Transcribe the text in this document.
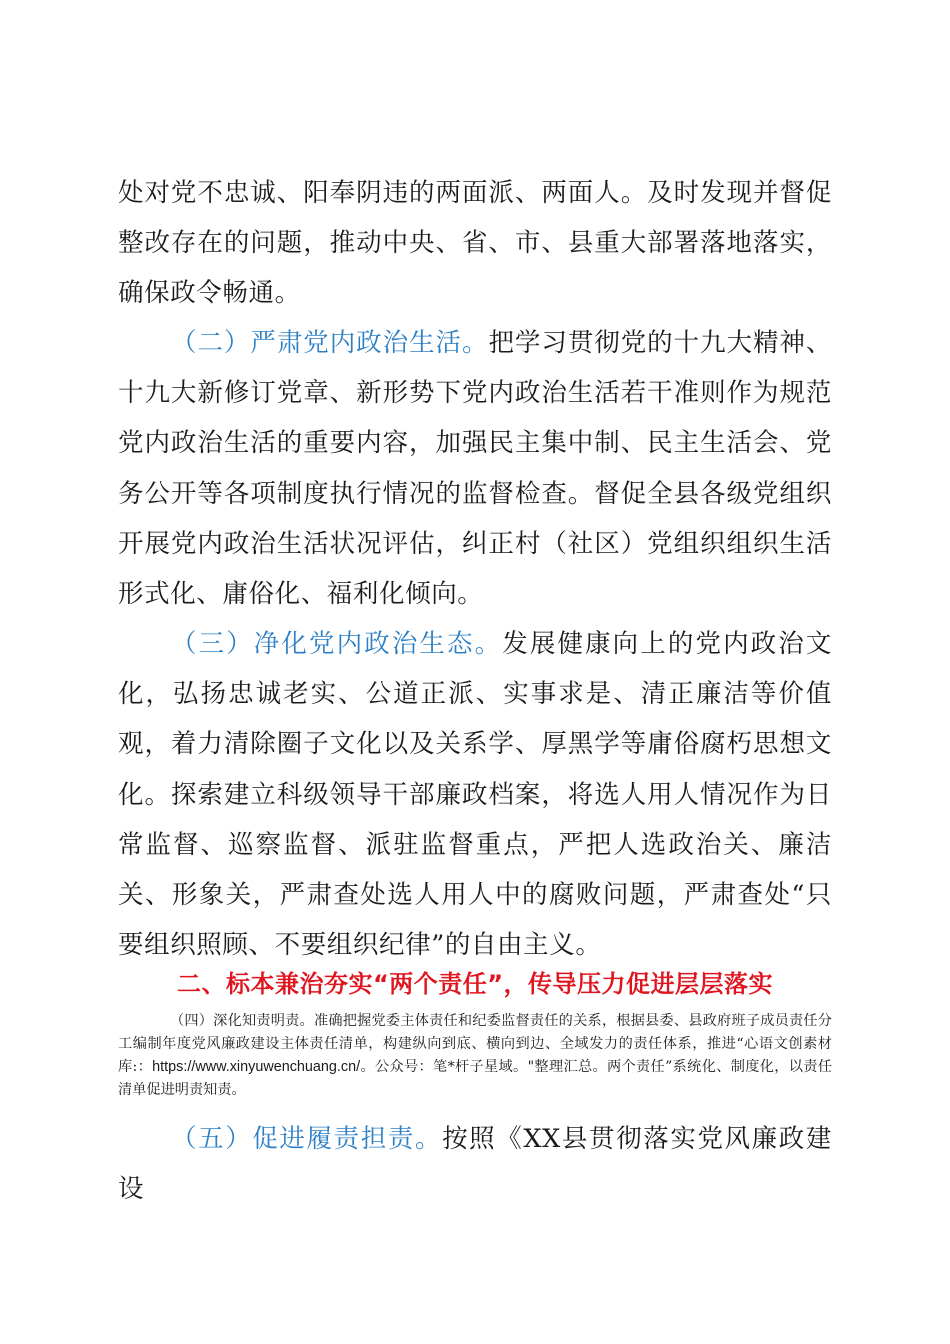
处对党不忠诚、阳奉阴违的两面派、两面人。及时发现并督促整改存在的问题，推动中央、省、市、县重大部署落地落实，确保政令畅通。

（二）严肃党内政治生活。把学习贯彻党的十九大精神、十九大新修订党章、新形势下党内政治生活若干准则作为规范党内政治生活的重要内容，加强民主集中制、民主生活会、党务公开等各项制度执行情况的监督检查。督促全县各级党组织开展党内政治生活状况评估，纠正村（社区）党组织组织生活形式化、庸俗化、福利化倾向。

（三）净化党内政治生态。发展健康向上的党内政治文化，弘扬忠诚老实、公道正派、实事求是、清正廉洁等价值观，着力清除圈子文化以及关系学、厚黑学等庸俗腐朽思想文化。探索建立科级领导干部廉政档案，将选人用人情况作为日常监督、巡察监督、派驻监督重点，严把人选政治关、廉洁关、形象关，严肃查处选人用人中的腐败问题，严肃查处“只要组织照顾、不要组织纪律”的自由主义。

二、标本兼治夯实“两个责任”，传导压力促进层层落实

（四）深化知责明责。准确把握党委主体责任和纪委监督责任的关系，根据县委、县政府班子成员责任分工编制年度党风廉政建设主体责任清单，构建纵向到底、横向到边、全域发力的责任体系，推进“心语文创素材库:：https://www.xinyuwenchuang.cn/。公众号：笔*杆子星域。"整理汇总。两个责任”系统化、制度化，以责任清单促进明责知责。

（五）促进履责担责。按照《XX县贯彻落实党风廉政建设
